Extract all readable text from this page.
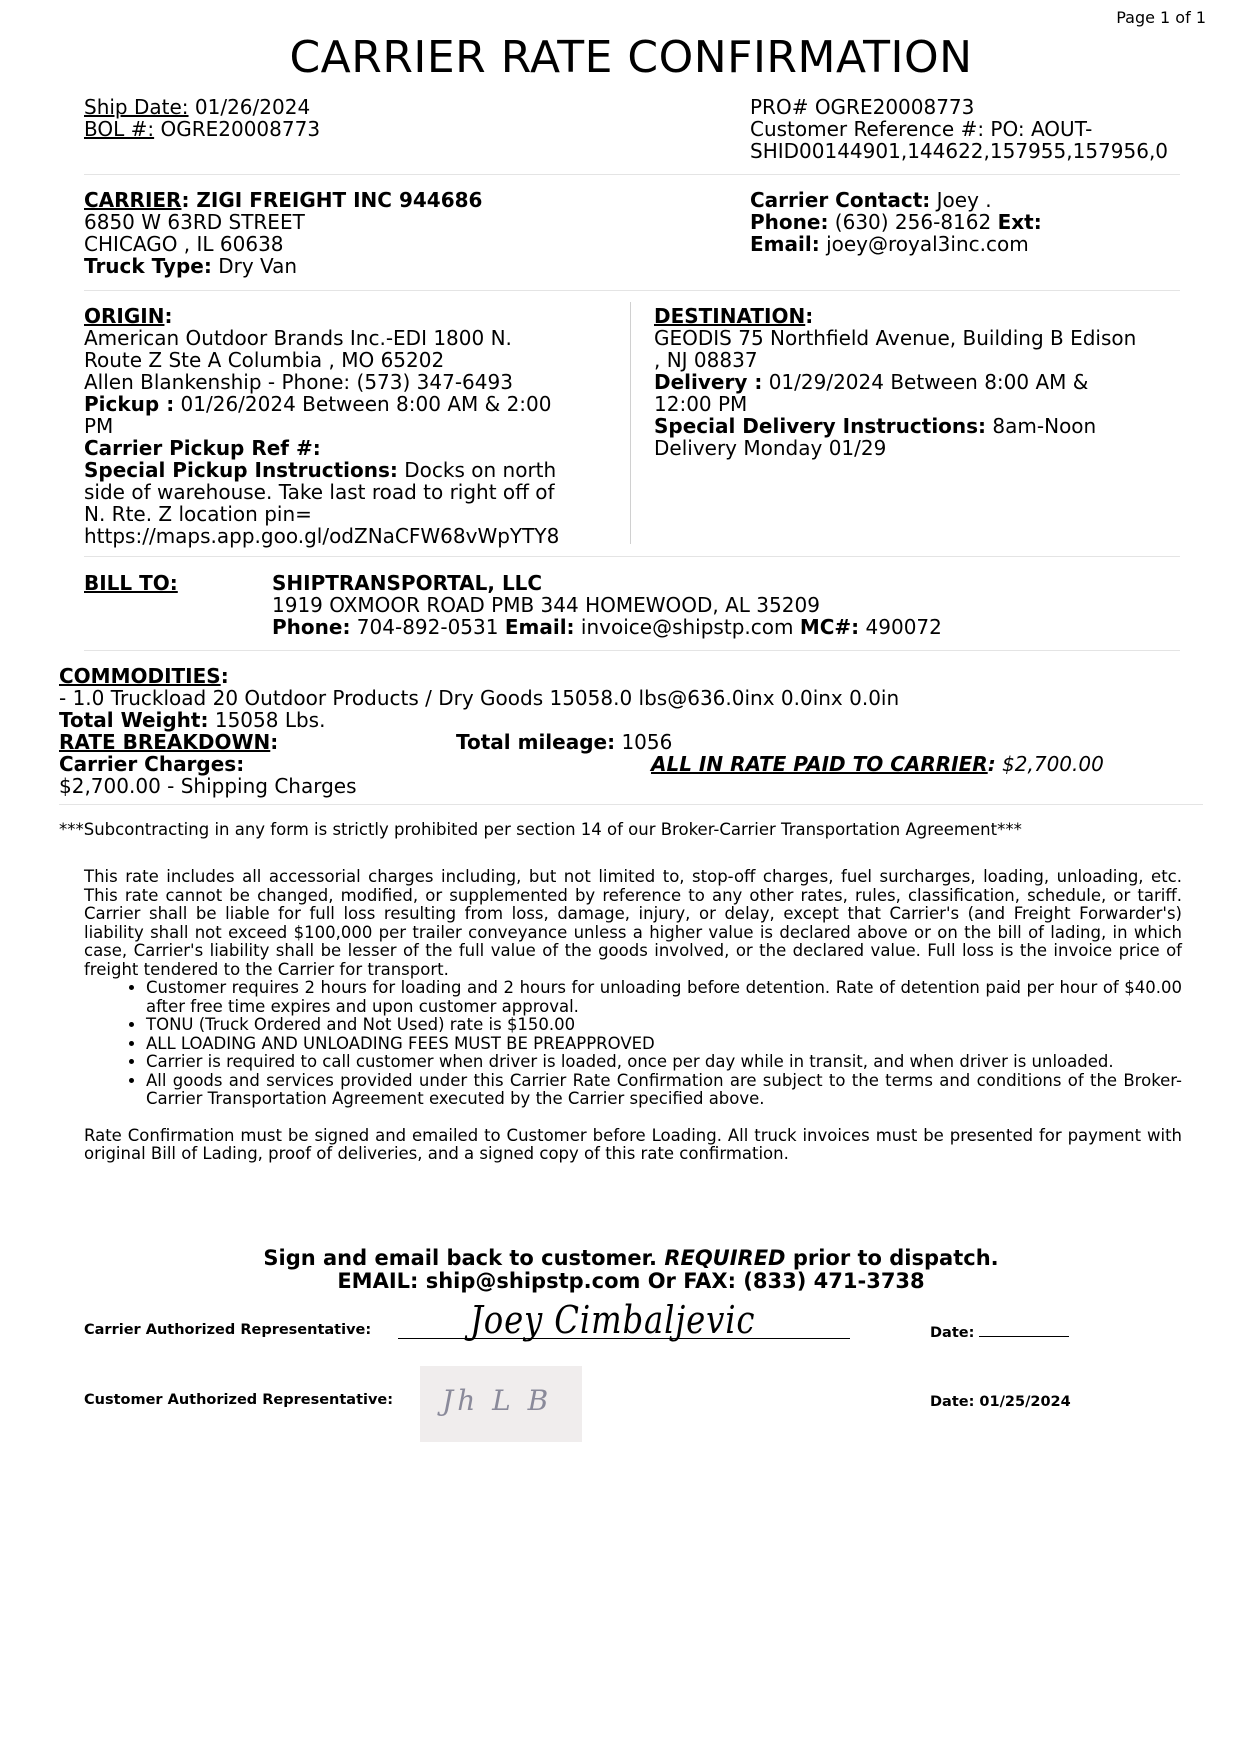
Page 1 of 1
CARRIER RATE CONFIRMATION
Ship Date: 01/26/2024
BOL #: OGRE20008773
PRO# OGRE20008773
Customer Reference #: PO: AOUT-
SHID00144901,144622,157955,157956,0
CARRIER: ZIGI FREIGHT INC 944686
6850 W 63RD STREET
CHICAGO , IL 60638
Truck Type: Dry Van
Carrier Contact: Joey .
Phone: (630) 256-8162 Ext:
Email: joey@royal3inc.com
ORIGIN:
American Outdoor Brands Inc.-EDI 1800 N.
Route Z Ste A Columbia , MO 65202
Allen Blankenship - Phone: (573) 347-6493
Pickup : 01/26/2024 Between 8:00 AM & 2:00
PM
Carrier Pickup Ref #:
Special Pickup Instructions: Docks on north
side of warehouse. Take last road to right off of
N. Rte. Z location pin=
https://maps.app.goo.gl/odZNaCFW68vWpYTY8
DESTINATION:
GEODIS 75 Northfield Avenue, Building B Edison
, NJ 08837
Delivery : 01/29/2024 Between 8:00 AM &
12:00 PM
Special Delivery Instructions: 8am-Noon
Delivery Monday 01/29
BILL TO:	SHIPTRANSPORTAL, LLC
1919 OXMOOR ROAD PMB 344 HOMEWOOD, AL 35209
Phone: 704-892-0531 Email: invoice@shipstp.com MC#: 490072
COMMODITIES:
- 1.0 Truckload 20 Outdoor Products / Dry Goods 15058.0 lbs@636.0inx 0.0inx 0.0in
Total Weight: 15058 Lbs.
RATE BREAKDOWN:	Total mileage: 1056
Carrier Charges:	ALL IN RATE PAID TO CARRIER: $2,700.00
$2,700.00 - Shipping Charges
***Subcontracting in any form is strictly prohibited per section 14 of our Broker-Carrier Transportation Agreement***
This rate includes all accessorial charges including, but not limited to, stop-off charges, fuel surcharges, loading, unloading, etc. This rate cannot be changed, modified, or supplemented by reference to any other rates, rules, classification, schedule, or tariff. Carrier shall be liable for full loss resulting from loss, damage, injury, or delay, except that Carrier's (and Freight Forwarder's) liability shall not exceed $100,000 per trailer conveyance unless a higher value is declared above or on the bill of lading, in which case, Carrier's liability shall be lesser of the full value of the goods involved, or the declared value. Full loss is the invoice price of freight tendered to the Carrier for transport.
• Customer requires 2 hours for loading and 2 hours for unloading before detention. Rate of detention paid per hour of $40.00 after free time expires and upon customer approval.
• TONU (Truck Ordered and Not Used) rate is $150.00
• ALL LOADING AND UNLOADING FEES MUST BE PREAPPROVED
• Carrier is required to call customer when driver is loaded, once per day while in transit, and when driver is unloaded.
• All goods and services provided under this Carrier Rate Confirmation are subject to the terms and conditions of the Broker-Carrier Transportation Agreement executed by the Carrier specified above.
Rate Confirmation must be signed and emailed to Customer before Loading. All truck invoices must be presented for payment with original Bill of Lading, proof of deliveries, and a signed copy of this rate confirmation.
Sign and email back to customer. REQUIRED prior to dispatch.
EMAIL: ship@shipstp.com Or FAX: (833) 471-3738
Carrier Authorized Representative:	Joey Cimbaljevic	Date:
Customer Authorized Representative: Jh L B	Date: 01/25/2024
